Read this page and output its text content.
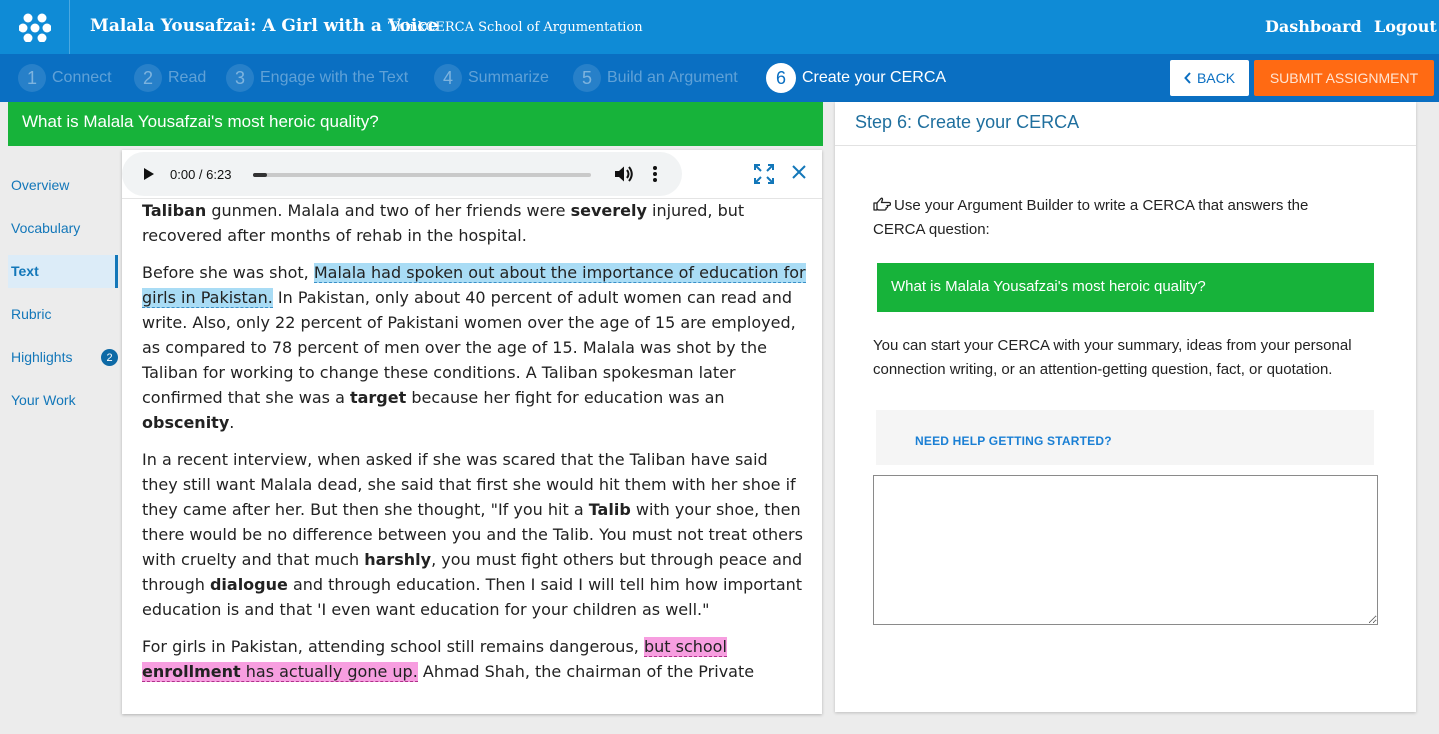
Malala Yousafzai: A Girl with a Voice
ThinkCERCA School of Argumentation	Dashboard Logout
1 Connect	2 Read	3 Engage with the Text	4 Summarize	5 Build an Argument	6	Create your CERCA	BACK	SUBMIT ASSIGNMENT
What is Malala Yousafzai's most heroic quality?
Overview
Vocabulary
Text
Rubric
Highlights	2
Your Work
0:00 / 6:23

Taliban gunmen. Malala and two of her friends were severely injured, but recovered after months of rehab in the hospital.

Before she was shot, Malala had spoken out about the importance of education for girls in Pakistan. In Pakistan, only about 40 percent of adult women can read and write. Also, only 22 percent of Pakistani women over the age of 15 are employed, as compared to 78 percent of men over the age of 15. Malala was shot by the Taliban for working to change these conditions. A Taliban spokesman later confirmed that she was a target because her fight for education was an obscenity.

In a recent interview, when asked if she was scared that the Taliban have said they still want Malala dead, she said that first she would hit them with her shoe if they came after her. But then she thought, "If you hit a Talib with your shoe, then there would be no difference between you and the Talib. You must not treat others with cruelty and that much harshly, you must fight others but through peace and through dialogue and through education. Then I said I will tell him how important education is and that 'I even want education for your children as well."

For girls in Pakistan, attending school still remains dangerous, but school enrollment has actually gone up. Ahmad Shah, the chairman of the Private

Step 6: Create your CERCA
Use your Argument Builder to write a CERCA that answers the CERCA question:
What is Malala Yousafzai's most heroic quality?
You can start your CERCA with your summary, ideas from your personal connection writing, or an attention-getting question, fact, or quotation.
NEED HELP GETTING STARTED?
